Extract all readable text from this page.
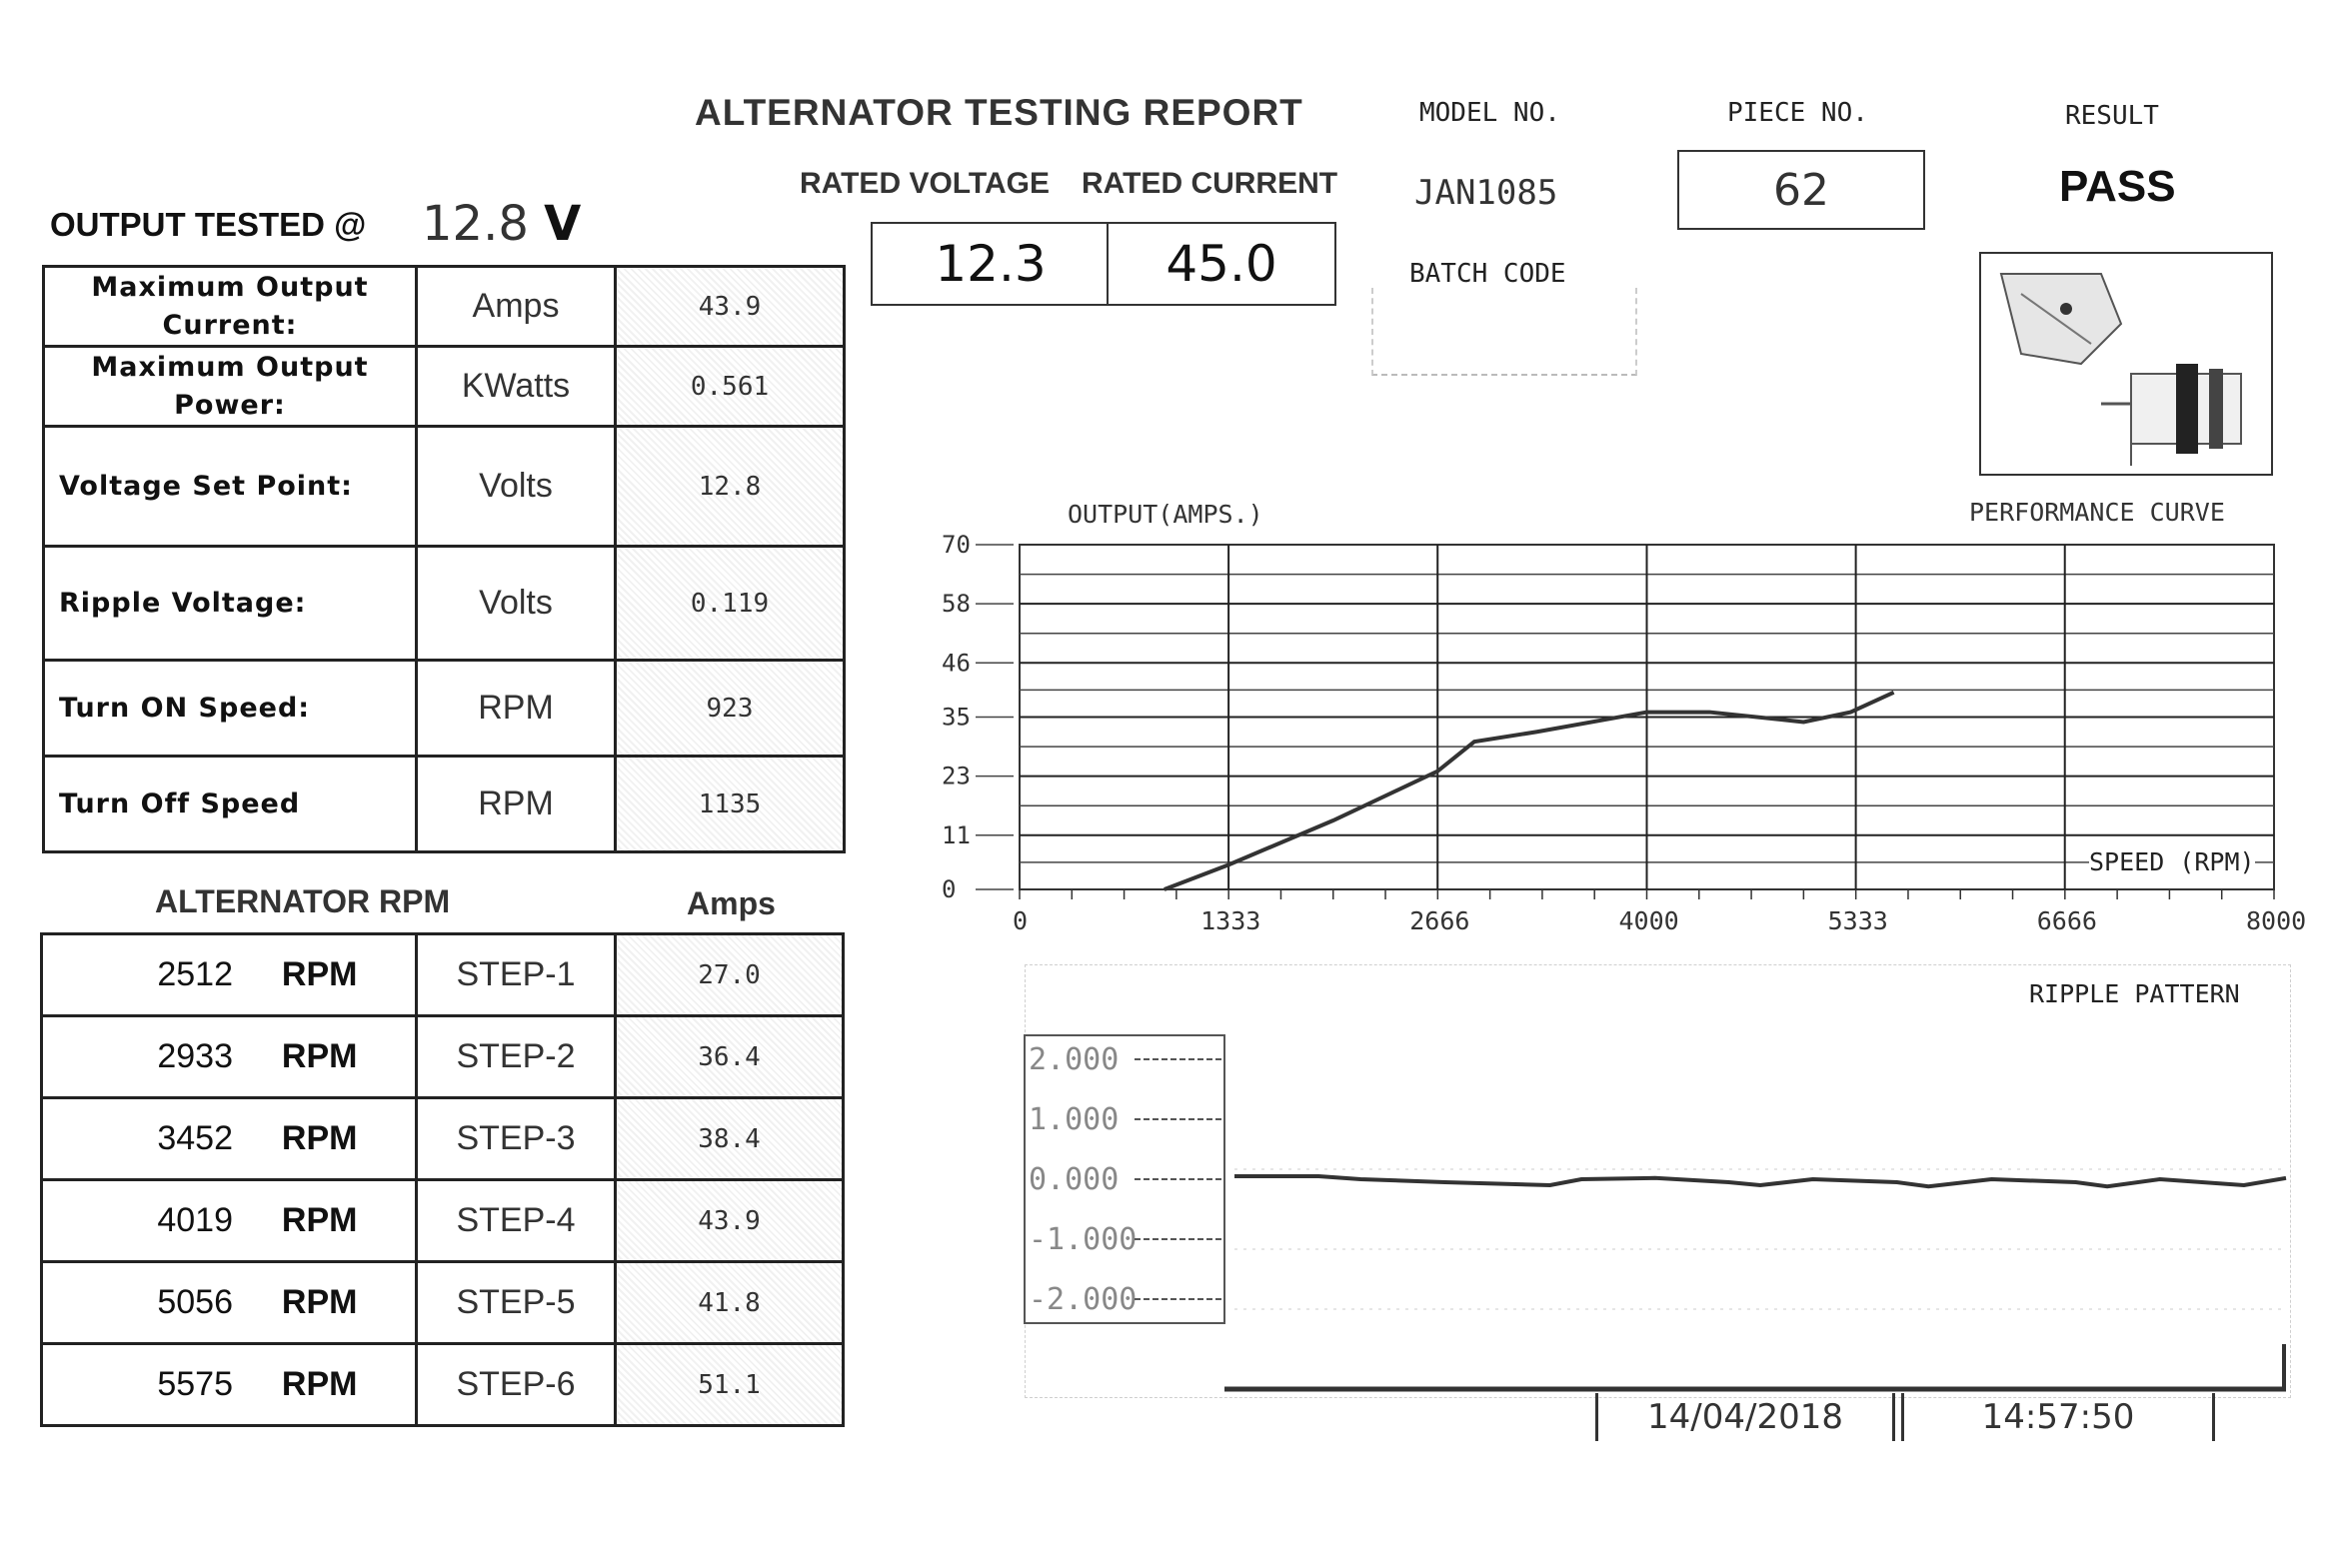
ALTERNATOR TESTING REPORT
RATED VOLTAGE RATED CURRENT
12.3 45.0
MODEL NO.
JAN1085
PIECE NO.
62
RESULT
PASS
BATCH CODE
OUTPUT TESTED @ 12.8 V
Maximum Output Current:	Amps	43.9
Maximum Output Power:	KWatts	0.561
Voltage Set Point:	Volts	12.8
Ripple Voltage:	Volts	0.119
Turn ON Speed:	RPM	923
Turn Off Speed	RPM	1135
ALTERNATOR RPM	Amps
2512 RPM	STEP-1	27.0
2933 RPM	STEP-2	36.4
3452 RPM	STEP-3	38.4
4019 RPM	STEP-4	43.9
5056 RPM	STEP-5	41.8
5575 RPM	STEP-6	51.1
OUTPUT(AMPS.)	PERFORMANCE CURVE
0
11
23
35
46
58
70
0	1333	2666	4000	5333	6666	8000
SPEED (RPM)
RIPPLE PATTERN
2.000
1.000
0.000
-1.000
-2.000
14/04/2018	14:57:50
